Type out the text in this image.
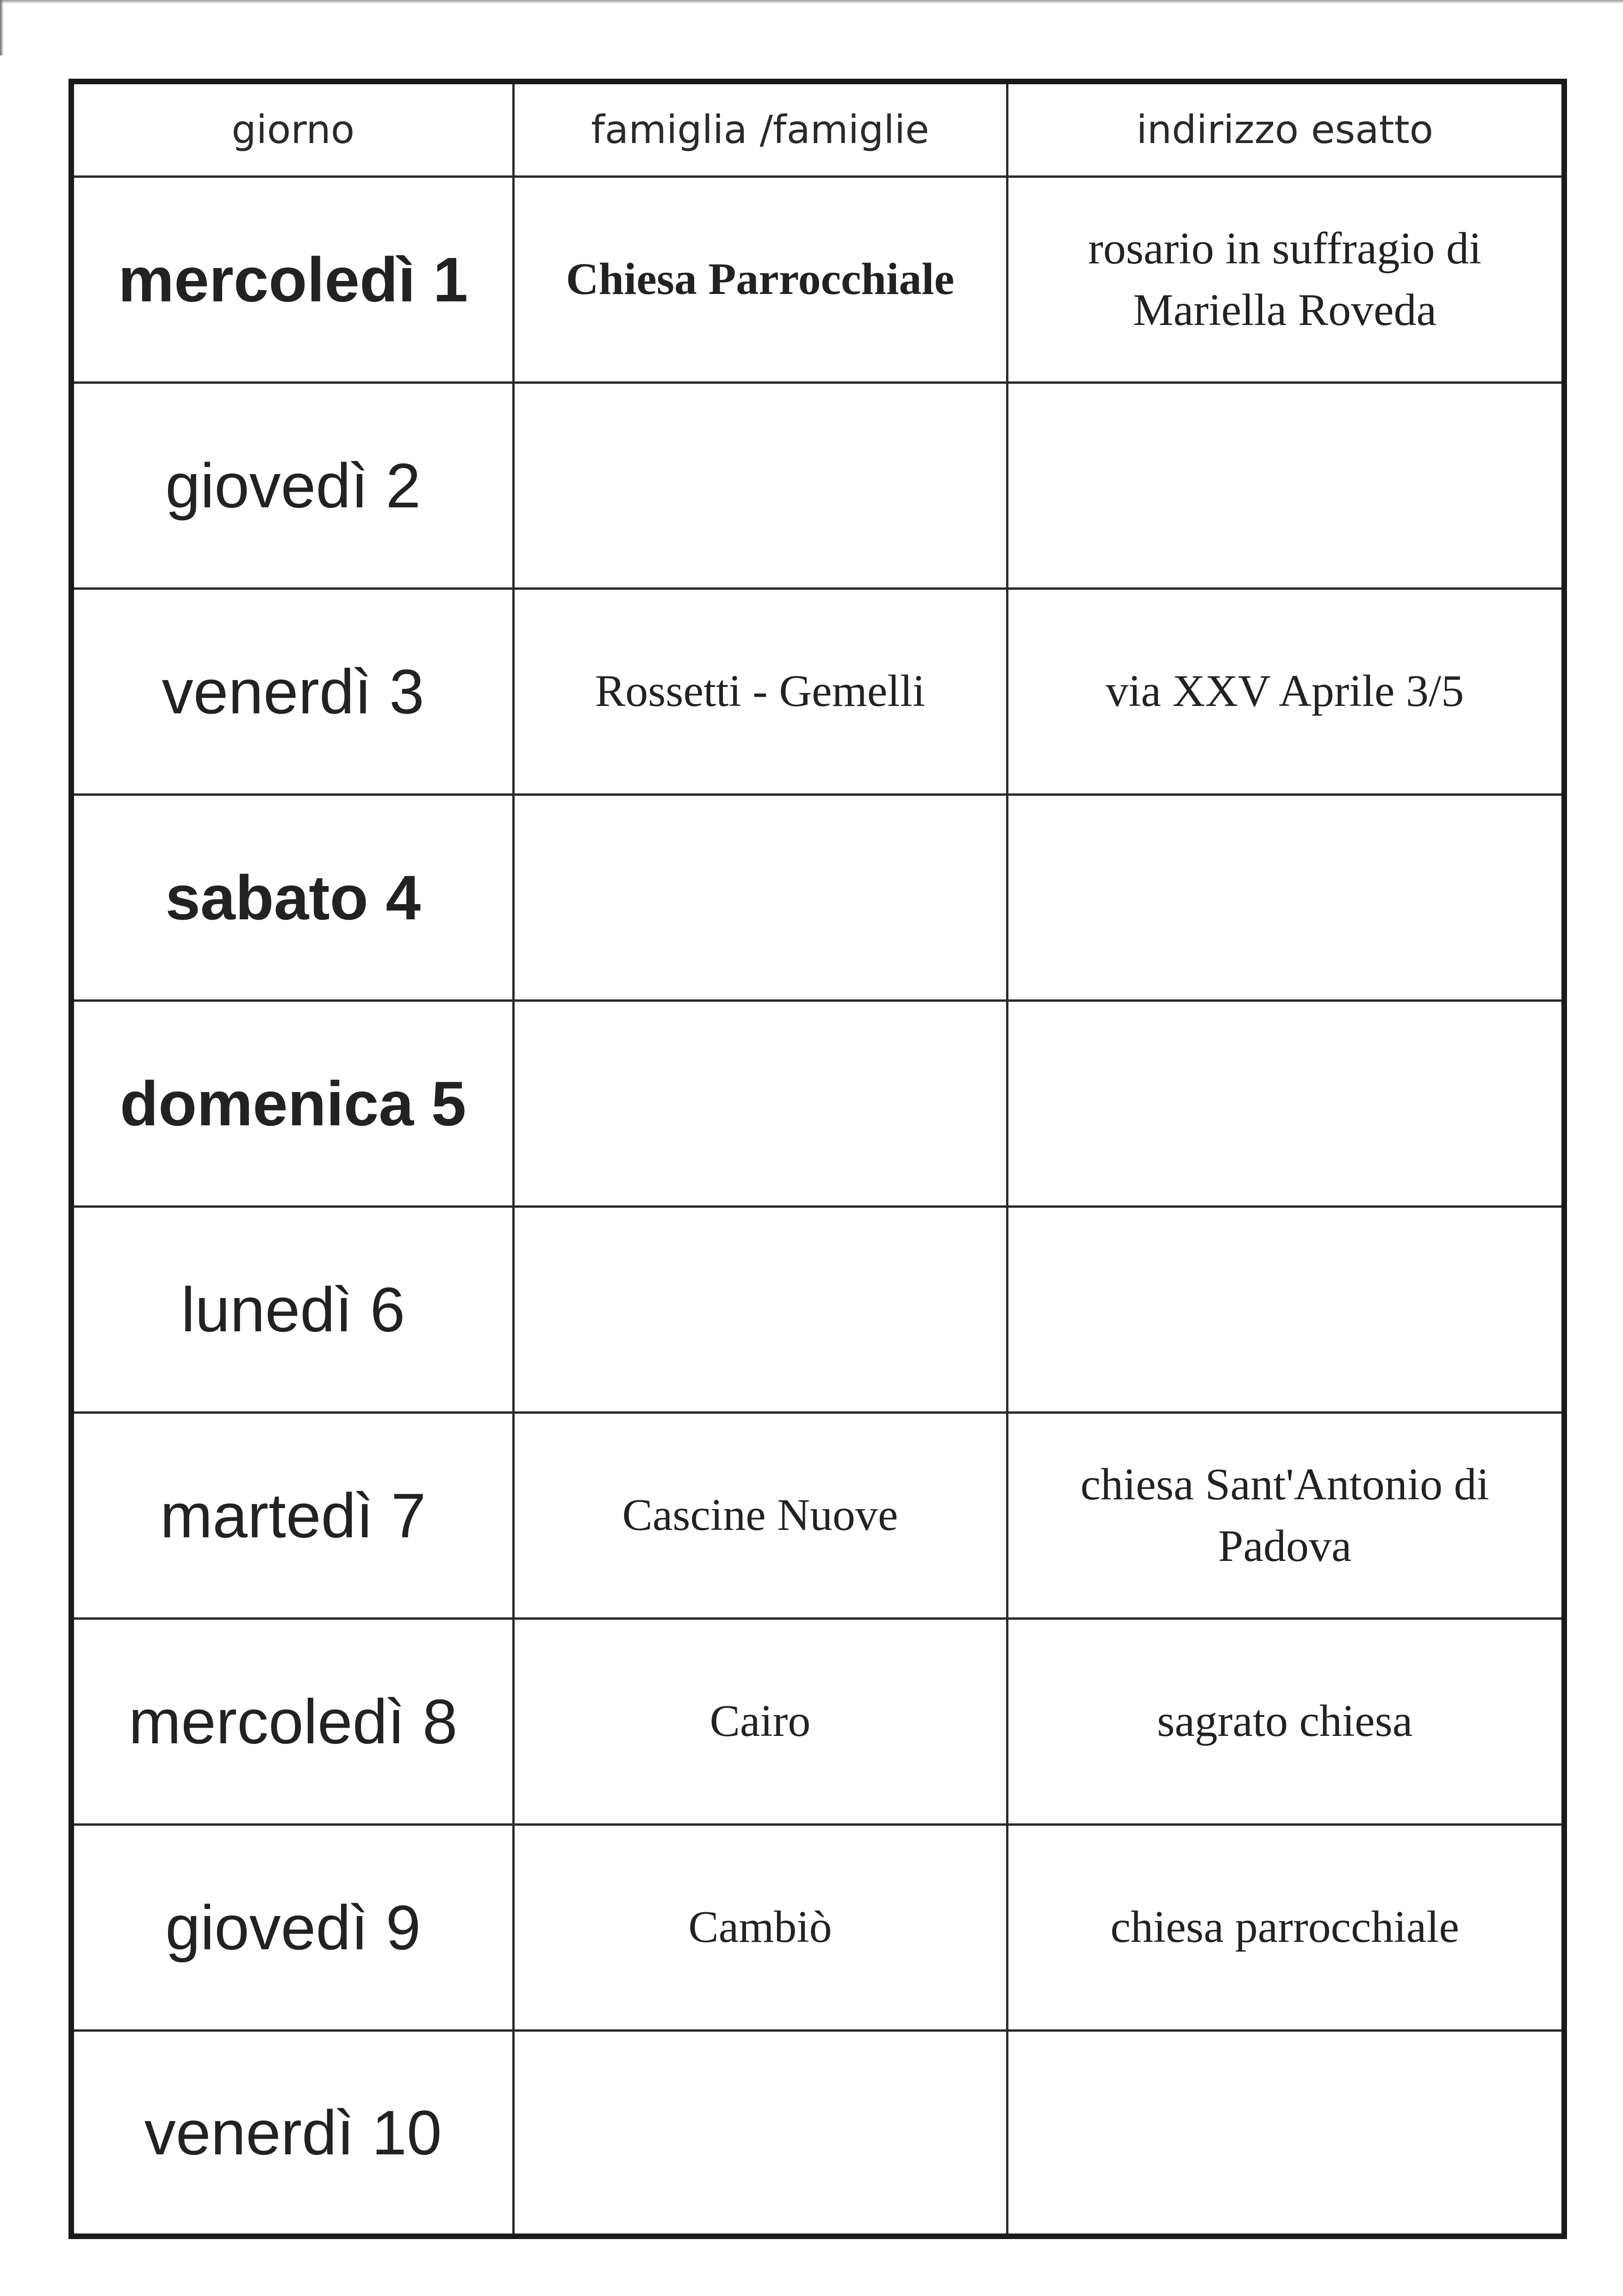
giorno	famiglia /famiglie	indirizzo esatto
mercoledì 1	Chiesa Parrocchiale	rosario in suffragio di Mariella Roveda
giovedì 2		
venerdì 3	Rossetti - Gemelli	via XXV Aprile 3/5
sabato 4		
domenica 5		
lunedì 6		
martedì 7	Cascine Nuove	chiesa Sant'Antonio di Padova
mercoledì 8	Cairo	sagrato chiesa
giovedì 9	Cambiò	chiesa parrocchiale
venerdì 10		
